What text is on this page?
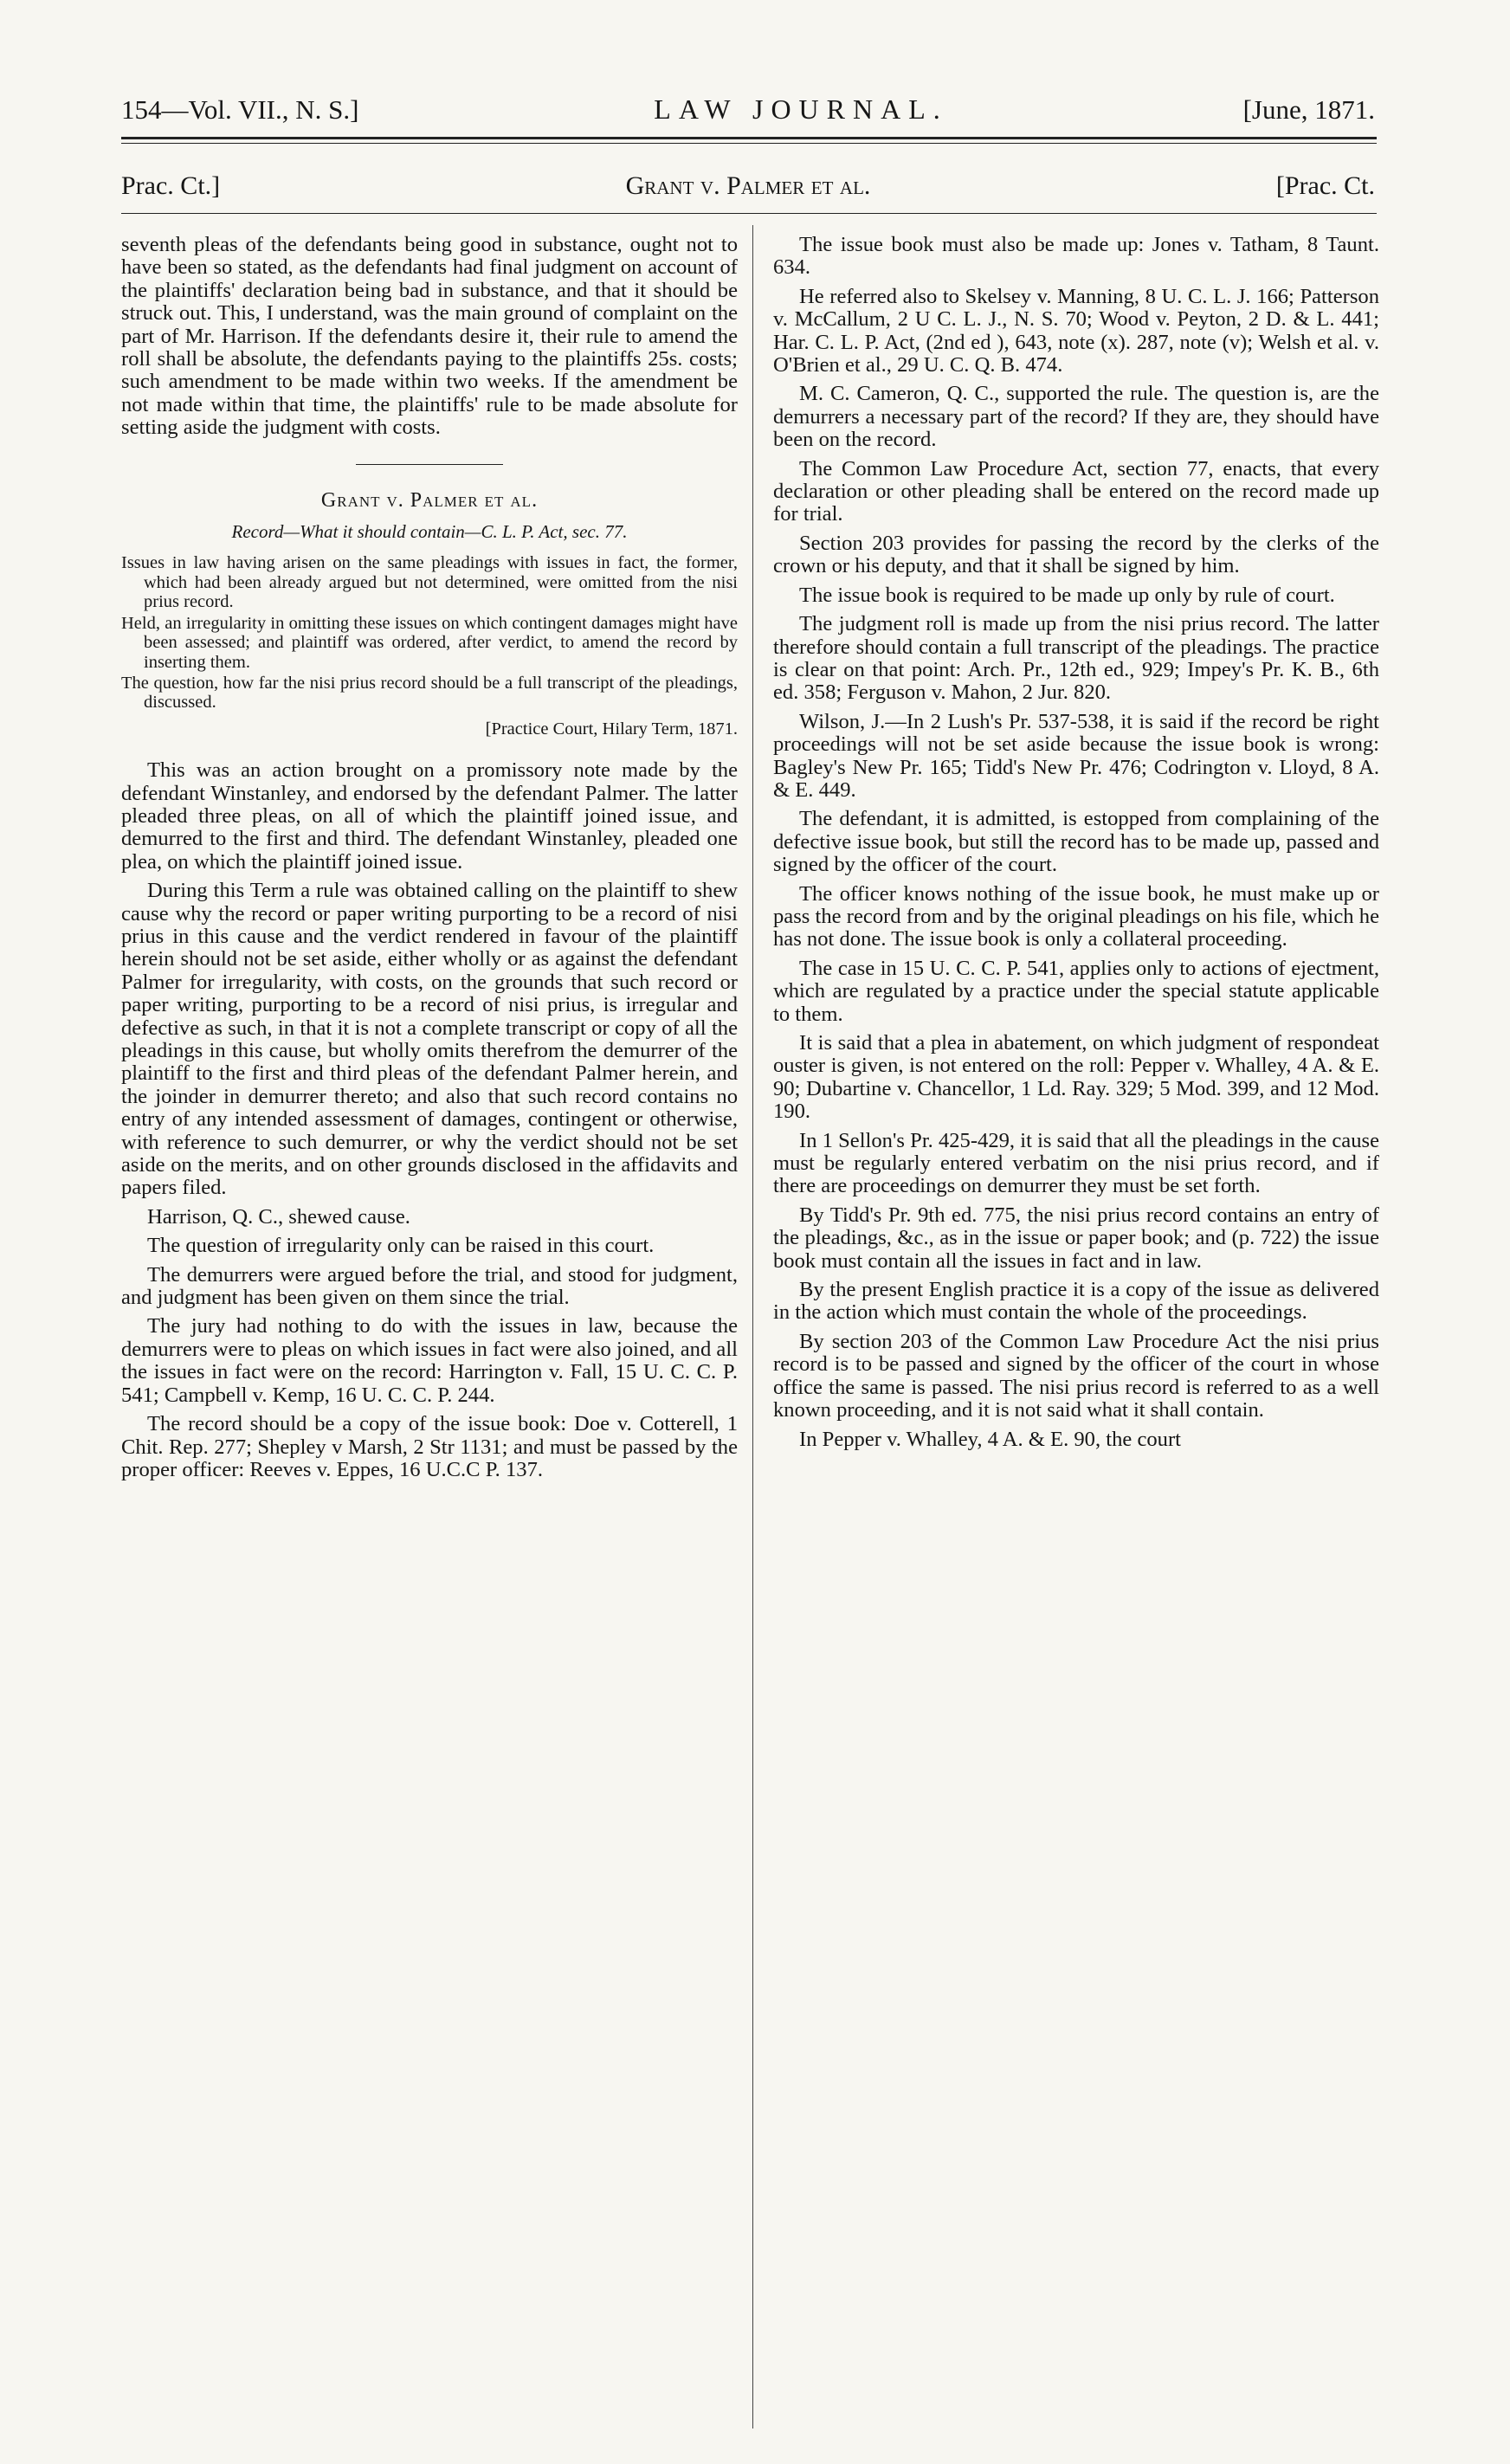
154—Vol. VII., N. S.]	LAW JOURNAL.	[June, 1871.
Prac. Ct.]	Grant v. Palmer et al.	[Prac. Ct.

seventh pleas of the defendants being good in substance, ought not to have been so stated, as the defendants had final judgment on account of the plaintiffs' declaration being bad in substance, and that it should be struck out. This, I understand, was the main ground of complaint on the part of Mr. Harrison. If the defendants desire it, their rule to amend the roll shall be absolute, the defendants paying to the plaintiffs 25s. costs; such amendment to be made within two weeks. If the amendment be not made within that time, the plaintiffs' rule to be made absolute for setting aside the judgment with costs.

Grant v. Palmer et al.
Record—What it should contain—C. L. P. Act, sec. 77.
Issues in law having arisen on the same pleadings with issues in fact, the former, which had been already argued but not determined, were omitted from the nisi prius record.
Held, an irregularity in omitting these issues on which contingent damages might have been assessed; and plaintiff was ordered, after verdict, to amend the record by inserting them.
The question, how far the nisi prius record should be a full transcript of the pleadings, discussed.
[Practice Court, Hilary Term, 1871.

This was an action brought on a promissory note made by the defendant Winstanley, and endorsed by the defendant Palmer. The latter pleaded three pleas, on all of which the plaintiff joined issue, and demurred to the first and third. The defendant Winstanley, pleaded one plea, on which the plaintiff joined issue.

During this Term a rule was obtained calling on the plaintiff to shew cause why the record or paper writing purporting to be a record of nisi prius in this cause and the verdict rendered in favour of the plaintiff herein should not be set aside, either wholly or as against the defendant Palmer for irregularity, with costs, on the grounds that such record or paper writing, purporting to be a record of nisi prius, is irregular and defective as such, in that it is not a complete transcript or copy of all the pleadings in this cause, but wholly omits therefrom the demurrer of the plaintiff to the first and third pleas of the defendant Palmer herein, and the joinder in demurrer thereto; and also that such record contains no entry of any intended assessment of damages, contingent or otherwise, with reference to such demurrer, or why the verdict should not be set aside on the merits, and on other grounds disclosed in the affidavits and papers filed.

Harrison, Q. C., shewed cause.

The question of irregularity only can be raised in this court.

The demurrers were argued before the trial, and stood for judgment, and judgment has been given on them since the trial.

The jury had nothing to do with the issues in law, because the demurrers were to pleas on which issues in fact were also joined, and all the issues in fact were on the record: Harrington v. Fall, 15 U. C. C. P. 541; Campbell v. Kemp, 16 U. C. C. P. 244.

The record should be a copy of the issue book: Doe v. Cotterell, 1 Chit. Rep. 277; Shepley v Marsh, 2 Str 1131; and must be passed by the proper officer: Reeves v. Eppes, 16 U.C.C P. 137.

The issue book must also be made up: Jones v. Tatham, 8 Taunt. 634.

He referred also to Skelsey v. Manning, 8 U. C. L. J. 166; Patterson v. McCallum, 2 U C. L. J., N. S. 70; Wood v. Peyton, 2 D. & L. 441; Har. C. L. P. Act, (2nd ed ), 643, note (x). 287, note (v); Welsh et al. v. O'Brien et al., 29 U. C. Q. B. 474.

M. C. Cameron, Q. C., supported the rule. The question is, are the demurrers a necessary part of the record? If they are, they should have been on the record.

The Common Law Procedure Act, section 77, enacts, that every declaration or other pleading shall be entered on the record made up for trial.

Section 203 provides for passing the record by the clerks of the crown or his deputy, and that it shall be signed by him.

The issue book is required to be made up only by rule of court.

The judgment roll is made up from the nisi prius record. The latter therefore should contain a full transcript of the pleadings. The practice is clear on that point: Arch. Pr., 12th ed., 929; Impey's Pr. K. B., 6th ed. 358; Ferguson v. Mahon, 2 Jur. 820.

Wilson, J.—In 2 Lush's Pr. 537-538, it is said if the record be right proceedings will not be set aside because the issue book is wrong: Bagley's New Pr. 165; Tidd's New Pr. 476; Codrington v. Lloyd, 8 A. & E. 449.

The defendant, it is admitted, is estopped from complaining of the defective issue book, but still the record has to be made up, passed and signed by the officer of the court.

The officer knows nothing of the issue book, he must make up or pass the record from and by the original pleadings on his file, which he has not done. The issue book is only a collateral proceeding.

The case in 15 U. C. C. P. 541, applies only to actions of ejectment, which are regulated by a practice under the special statute applicable to them.

It is said that a plea in abatement, on which judgment of respondeat ouster is given, is not entered on the roll: Pepper v. Whalley, 4 A. & E. 90; Dubartine v. Chancellor, 1 Ld. Ray. 329; 5 Mod. 399, and 12 Mod. 190.

In 1 Sellon's Pr. 425-429, it is said that all the pleadings in the cause must be regularly entered verbatim on the nisi prius record, and if there are proceedings on demurrer they must be set forth.

By Tidd's Pr. 9th ed. 775, the nisi prius record contains an entry of the pleadings, &c., as in the issue or paper book; and (p. 722) the issue book must contain all the issues in fact and in law.

By the present English practice it is a copy of the issue as delivered in the action which must contain the whole of the proceedings.

By section 203 of the Common Law Procedure Act the nisi prius record is to be passed and signed by the officer of the court in whose office the same is passed. The nisi prius record is referred to as a well known proceeding, and it is not said what it shall contain.

In Pepper v. Whalley, 4 A. & E. 90, the court
